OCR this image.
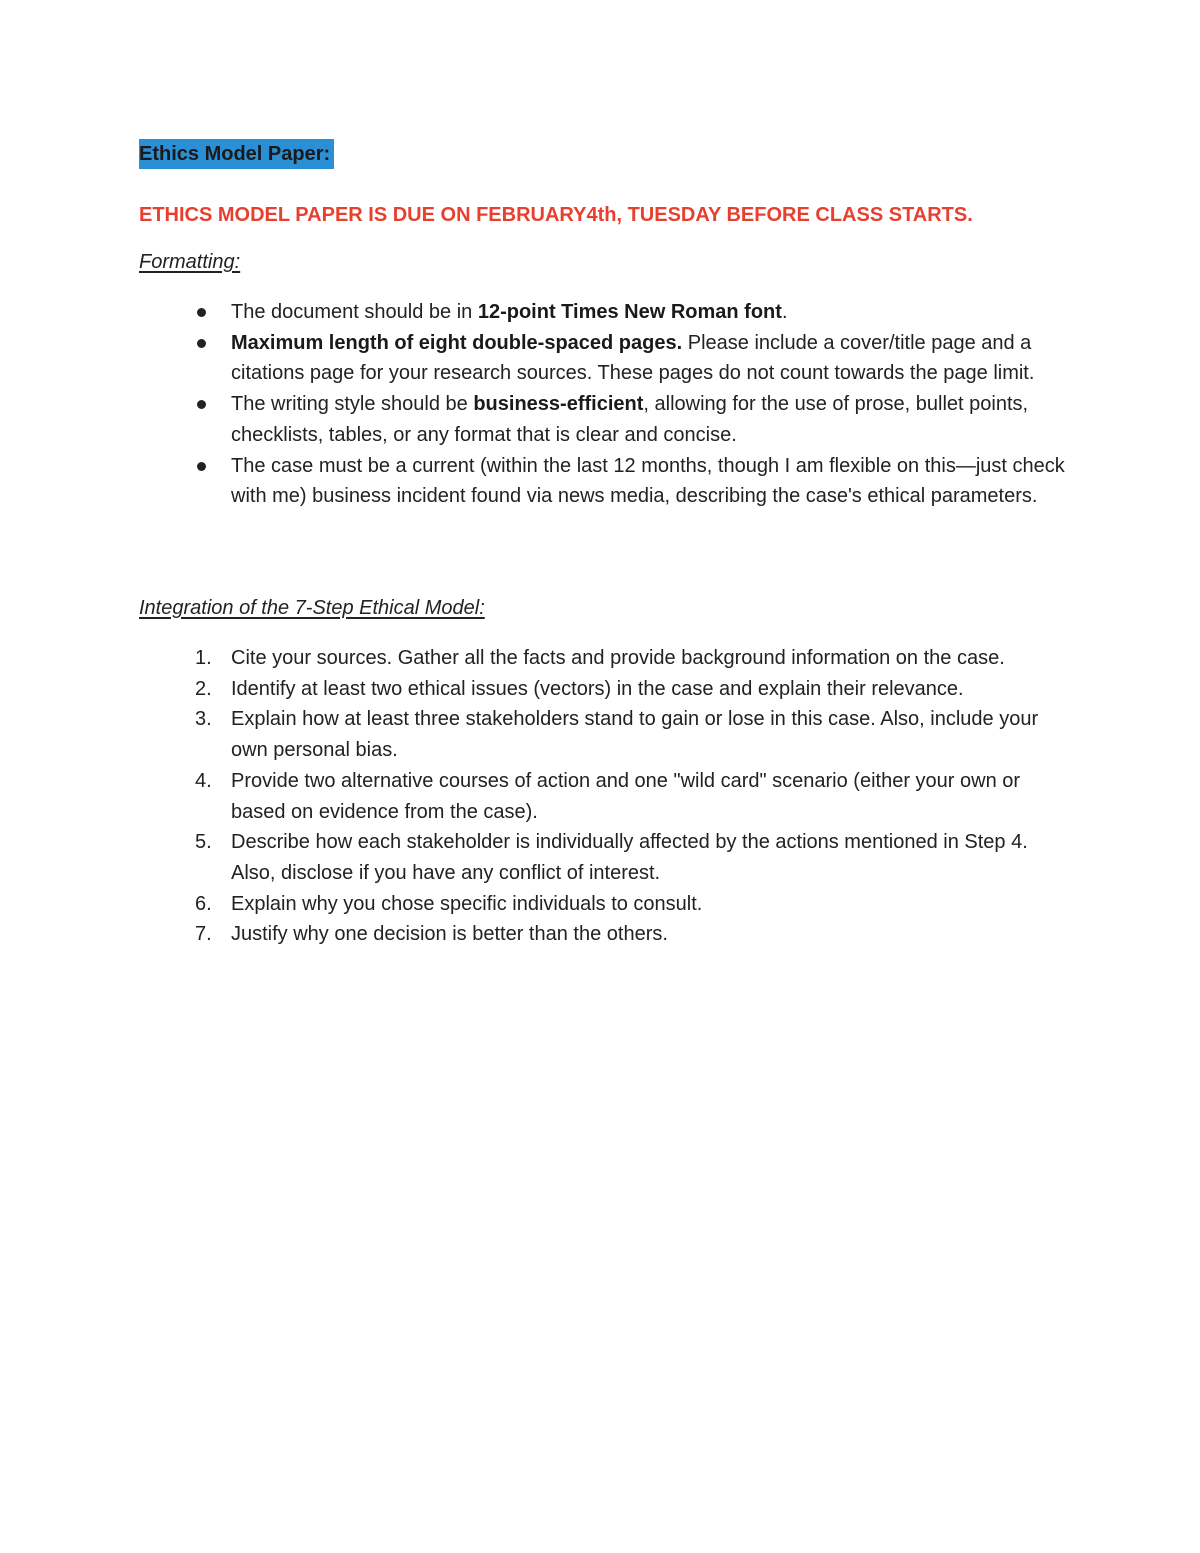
Ethics Model Paper:
ETHICS MODEL PAPER IS DUE ON FEBRUARY4th, TUESDAY BEFORE CLASS STARTS.
Formatting:
The document should be in 12-point Times New Roman font.
Maximum length of eight double-spaced pages. Please include a cover/title page and a citations page for your research sources. These pages do not count towards the page limit.
The writing style should be business-efficient, allowing for the use of prose, bullet points, checklists, tables, or any format that is clear and concise.
The case must be a current (within the last 12 months, though I am flexible on this—just check with me) business incident found via news media, describing the case's ethical parameters.
Integration of the 7-Step Ethical Model:
1. Cite your sources. Gather all the facts and provide background information on the case.
2. Identify at least two ethical issues (vectors) in the case and explain their relevance.
3. Explain how at least three stakeholders stand to gain or lose in this case. Also, include your own personal bias.
4. Provide two alternative courses of action and one "wild card" scenario (either your own or based on evidence from the case).
5. Describe how each stakeholder is individually affected by the actions mentioned in Step 4. Also, disclose if you have any conflict of interest.
6. Explain why you chose specific individuals to consult.
7. Justify why one decision is better than the others.
